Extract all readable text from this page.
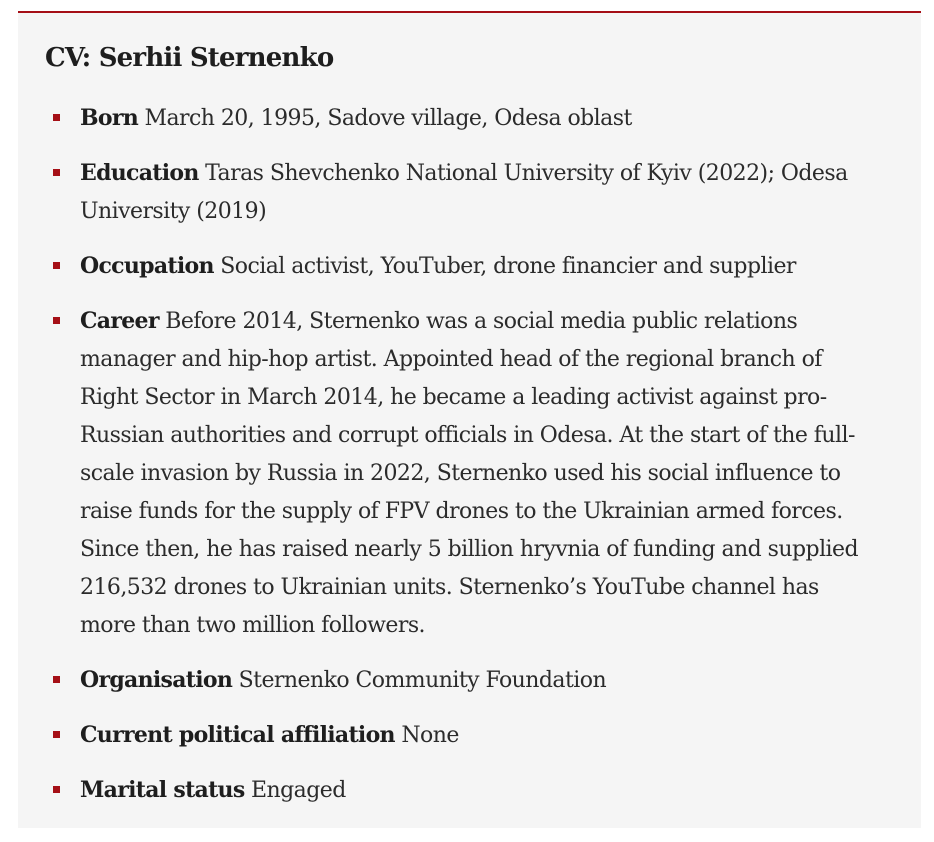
CV: Serhii Sternenko
Born March 20, 1995, Sadove village, Odesa oblast
Education Taras Shevchenko National University of Kyiv (2022); Odesa University (2019)
Occupation Social activist, YouTuber, drone financier and supplier
Career Before 2014, Sternenko was a social media public relations manager and hip-hop artist. Appointed head of the regional branch of Right Sector in March 2014, he became a leading activist against pro-Russian authorities and corrupt officials in Odesa. At the start of the full-scale invasion by Russia in 2022, Sternenko used his social influence to raise funds for the supply of FPV drones to the Ukrainian armed forces. Since then, he has raised nearly 5 billion hryvnia of funding and supplied 216,532 drones to Ukrainian units. Sternenko’s YouTube channel has more than two million followers.
Organisation Sternenko Community Foundation
Current political affiliation None
Marital status Engaged
